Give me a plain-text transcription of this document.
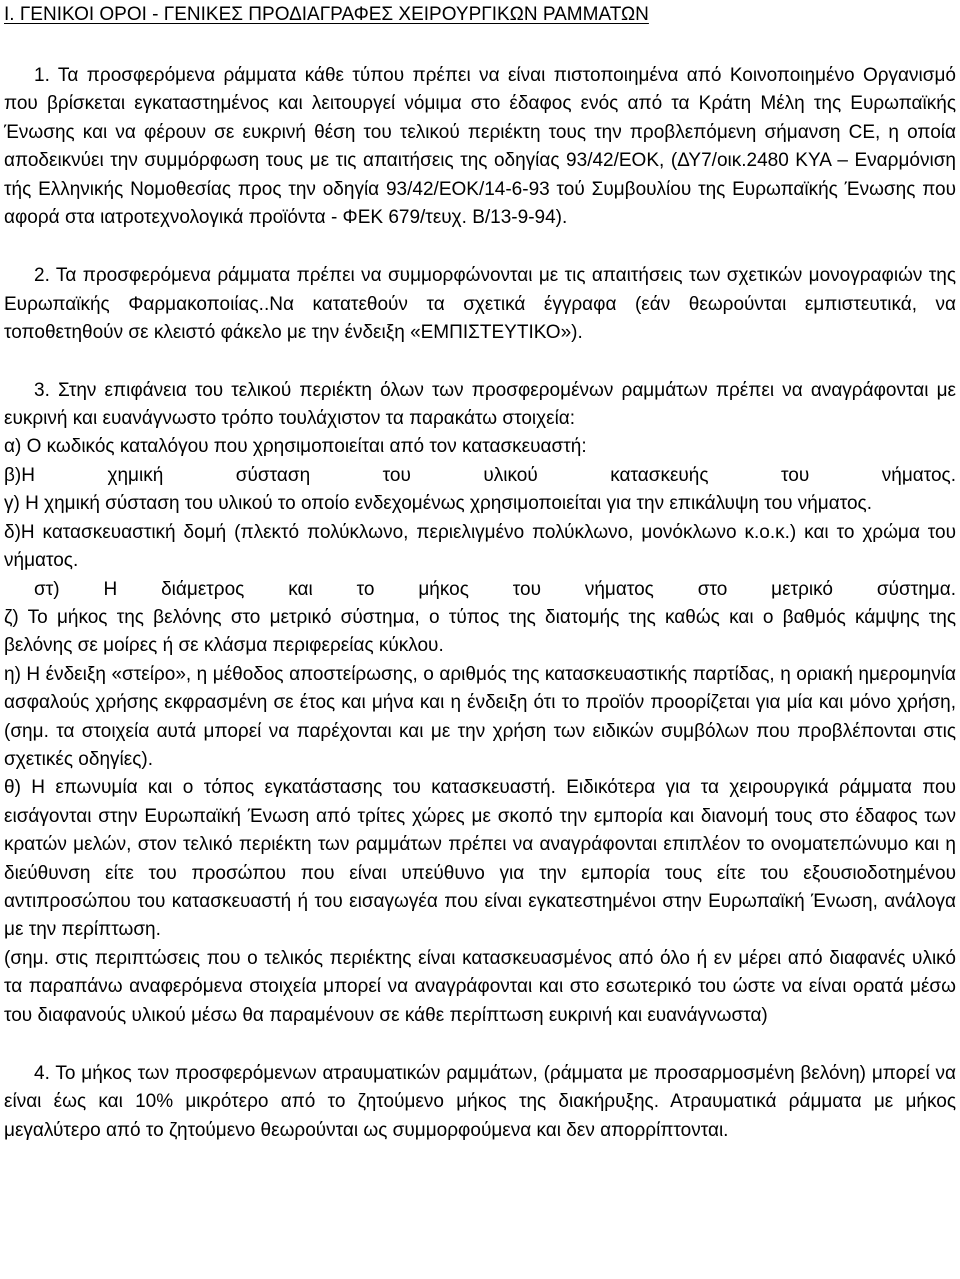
Ι. ΓΕΝΙΚΟΙ ΟΡΟΙ - ΓΕΝΙΚΕΣ ΠΡΟΔΙΑΓΡΑΦΕΣ ΧΕΙΡΟΥΡΓΙΚΩΝ ΡΑΜΜΑΤΩΝ

1. Τα προσφερόμενα ράμματα κάθε τύπου πρέπει να είναι πιστοποιημένα από Κοινοποιημένο Οργανισμό που βρίσκεται εγκαταστημένος και λειτουργεί νόμιμα στο έδαφος ενός από τα Κράτη Μέλη της Ευρωπαϊκής Ένωσης και να φέρουν σε ευκρινή θέση του τελικού περιέκτη τους την προβλεπόμενη σήμανση CE, η οποία αποδεικνύει την συμμόρφωση τους με τις απαιτήσεις της οδηγίας 93/42/ΕΟΚ, (ΔΥ7/οικ.2480 ΚΥΑ – Εναρμόνιση τής Ελληνικής Νομοθεσίας προς την οδηγία 93/42/ΕΟΚ/14-6-93 τού Συμβουλίου της Ευρωπαϊκής Ένωσης που αφορά στα ιατροτεχνολογικά προϊόντα - ΦΕΚ 679/τευχ. Β/13-9-94).

2. Τα προσφερόμενα ράμματα πρέπει να συμμορφώνονται με τις απαιτήσεις των σχετικών μονογραφιών της Ευρωπαϊκής Φαρμακοποιίας..Να κατατεθούν τα σχετικά έγγραφα (εάν θεωρούνται εμπιστευτικά, να τοποθετηθούν σε κλειστό φάκελο με την ένδειξη «ΕΜΠΙΣΤΕΥΤΙΚΟ»).

3. Στην επιφάνεια του τελικού περιέκτη όλων των προσφερομένων ραμμάτων πρέπει να αναγράφονται με ευκρινή και ευανάγνωστο τρόπο τουλάχιστον τα παρακάτω στοιχεία:

α) Ο κωδικός καταλόγου που χρησιμοποιείται από τον κατασκευαστή:

β)Η χημική σύσταση του υλικού κατασκευής του νήματος.

γ) Η χημική σύσταση του υλικού το οποίο ενδεχομένως χρησιμοποιείται για την επικάλυψη του νήματος.

δ)Η κατασκευαστική δομή (πλεκτό πολύκλωνο, περιελιγμένο πολύκλωνο, μονόκλωνο κ.ο.κ.) και το χρώμα του νήματος.

στ) Η διάμετρος και το μήκος του νήματος στο μετρικό σύστημα.

ζ) Το μήκος της βελόνης στο μετρικό σύστημα, ο τύπος της διατομής της καθώς και ο βαθμός κάμψης της βελόνης σε μοίρες ή σε κλάσμα περιφερείας κύκλου.

η) Η ένδειξη «στείρο», η μέθοδος αποστείρωσης, ο αριθμός της κατασκευαστικής παρτίδας, η οριακή ημερομηνία ασφαλούς χρήσης εκφρασμένη σε έτος και μήνα και η ένδειξη ότι το προϊόν προορίζεται για μία και μόνο χρήση, (σημ. τα στοιχεία αυτά μπορεί να παρέχονται και με την χρήση των ειδικών συμβόλων που προβλέπονται στις σχετικές οδηγίες).

θ) Η επωνυμία και ο τόπος εγκατάστασης του κατασκευαστή. Ειδικότερα για τα χειρουργικά ράμματα που εισάγονται στην Ευρωπαϊκή Ένωση από τρίτες χώρες με σκοπό την εμπορία και διανομή τους στο έδαφος των κρατών μελών, στον τελικό περιέκτη των ραμμάτων πρέπει να αναγράφονται επιπλέον το ονοματεπώνυμο και η διεύθυνση είτε του προσώπου που είναι υπεύθυνο για την εμπορία τους είτε του εξουσιοδοτημένου αντιπροσώπου του κατασκευαστή ή του εισαγωγέα που είναι εγκατεστημένοι στην Ευρωπαϊκή Ένωση, ανάλογα με την περίπτωση.

(σημ. στις περιπτώσεις που ο τελικός περιέκτης είναι κατασκευασμένος από όλο ή εν μέρει από διαφανές υλικό τα παραπάνω αναφερόμενα στοιχεία μπορεί να αναγράφονται και στο εσωτερικό του ώστε να είναι ορατά μέσω του διαφανούς υλικού μέσω θα παραμένουν σε κάθε περίπτωση ευκρινή και ευανάγνωστα)

4. Το μήκος των προσφερόμενων ατραυματικών ραμμάτων, (ράμματα με προσαρμοσμένη βελόνη) μπορεί να είναι έως και 10% μικρότερο από το ζητούμενο μήκος της διακήρυξης. Ατραυματικά ράμματα με μήκος μεγαλύτερο από το ζητούμενο θεωρούνται ως συμμορφούμενα και δεν απορρίπτονται.
